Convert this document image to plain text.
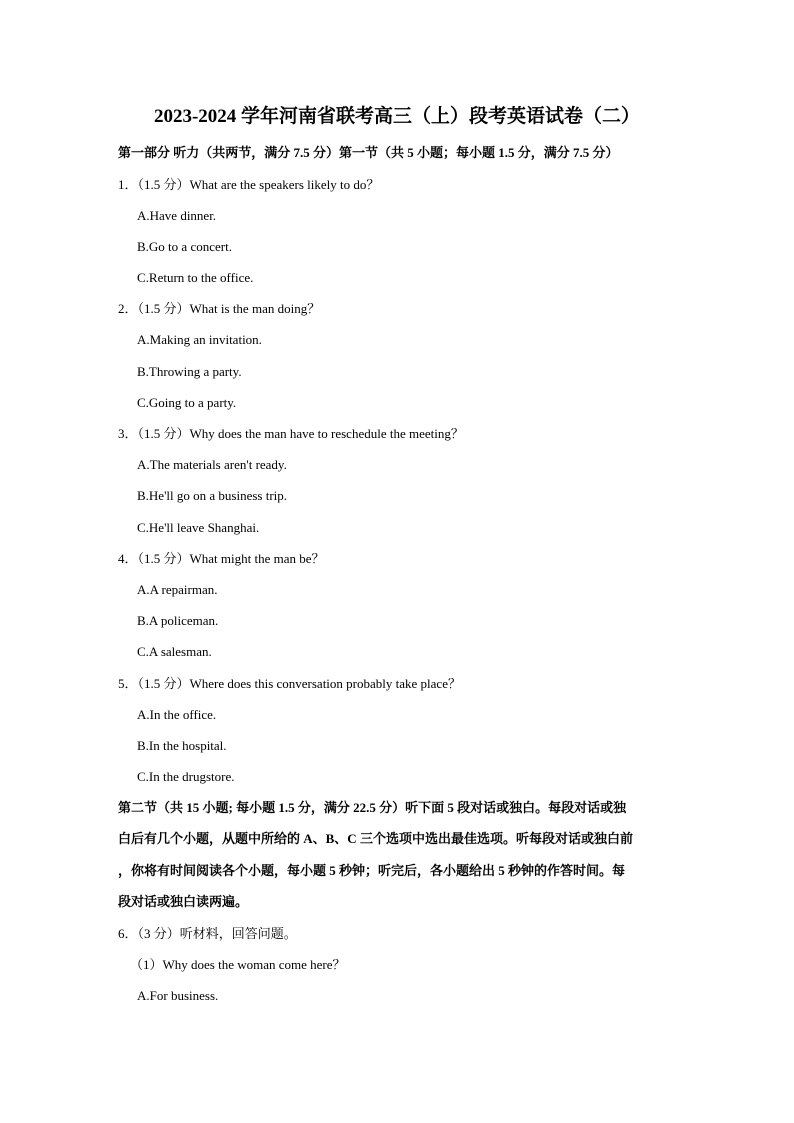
2023-2024 学年河南省联考高三（上）段考英语试卷（二）
第一部分 听力（共两节，满分 7.5 分）第一节（共 5 小题；每小题 1.5 分，满分 7.5 分）
1．（1.5 分）What are the speakers likely to do？
A.Have dinner.
B.Go to a concert.
C.Return to the office.
2．（1.5 分）What is the man doing？
A.Making an invitation.
B.Throwing a party.
C.Going to a party.
3．（1.5 分）Why does the man have to reschedule the meeting？
A.The materials aren't ready.
B.He'll go on a business trip.
C.He'll leave Shanghai.
4．（1.5 分）What might the man be？
A.A repairman.
B.A policeman.
C.A salesman.
5．（1.5 分）Where does this conversation probably take place？
A.In the office.
B.In the hospital.
C.In the drugstore.
第二节（共 15 小题; 每小题 1.5 分，满分 22.5 分）听下面 5 段对话或独白。每段对话或独
白后有几个小题，从题中所给的 A、B、C 三个选项中选出最佳选项。听每段对话或独白前
，你将有时间阅读各个小题，每小题 5 秒钟；听完后，各小题给出 5 秒钟的作答时间。每
段对话或独白读两遍。
6．（3 分）听材料，回答问题。
（1）Why does the woman come here？
A.For business.
